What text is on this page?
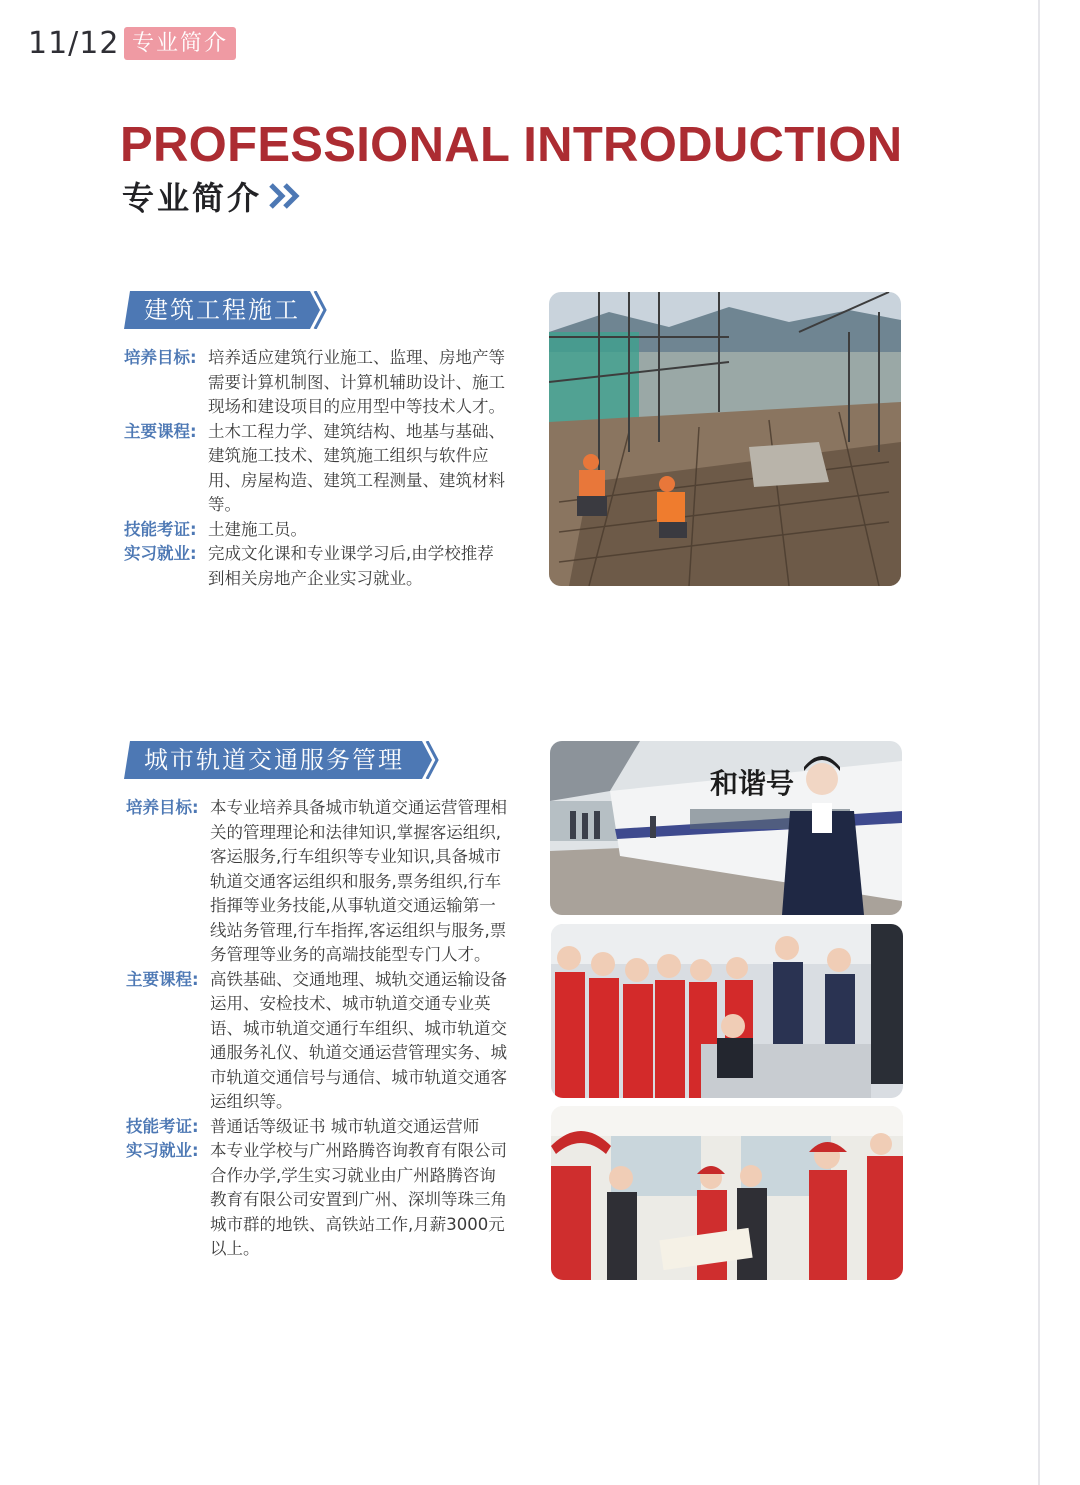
11/12 专业简介
PROFESSIONAL INTRODUCTION
专业简介
建筑工程施工
培养目标: 培养适应建筑行业施工、监理、房地产等需要计算机制图、计算机辅助设计、施工现场和建设项目的应用型中等技术人才。
主要课程: 土木工程力学、建筑结构、地基与基础、建筑施工技术、建筑施工组织与软件应用、房屋构造、建筑工程测量、建筑材料等。
技能考证: 土建施工员。
实习就业: 完成文化课和专业课学习后,由学校推荐到相关房地产企业实习就业。
城市轨道交通服务管理
培养目标: 本专业培养具备城市轨道交通运营管理相关的管理理论和法律知识,掌握客运组织,客运服务,行车组织等专业知识,具备城市轨道交通客运组织和服务,票务组织,行车指揮等业务技能,从事轨道交通运输第一线站务管理,行车指挥,客运组织与服务,票务管理等业务的高端技能型专门人才。
主要课程: 高铁基础、交通地理、城轨交通运输设备运用、安检技术、城市轨道交通专业英语、城市轨道交通行车组织、城市轨道交通服务礼仪、轨道交通运营管理实务、城市轨道交通信号与通信、城市轨道交通客运组织等。
技能考证: 普通话等级证书 城市轨道交通运营师
实习就业: 本专业学校与广州路腾咨询教育有限公司合作办学,学生实习就业由广州路腾咨询教育有限公司安置到广州、深圳等珠三角城市群的地铁、高铁站工作,月薪3000元以上。
和谐号
